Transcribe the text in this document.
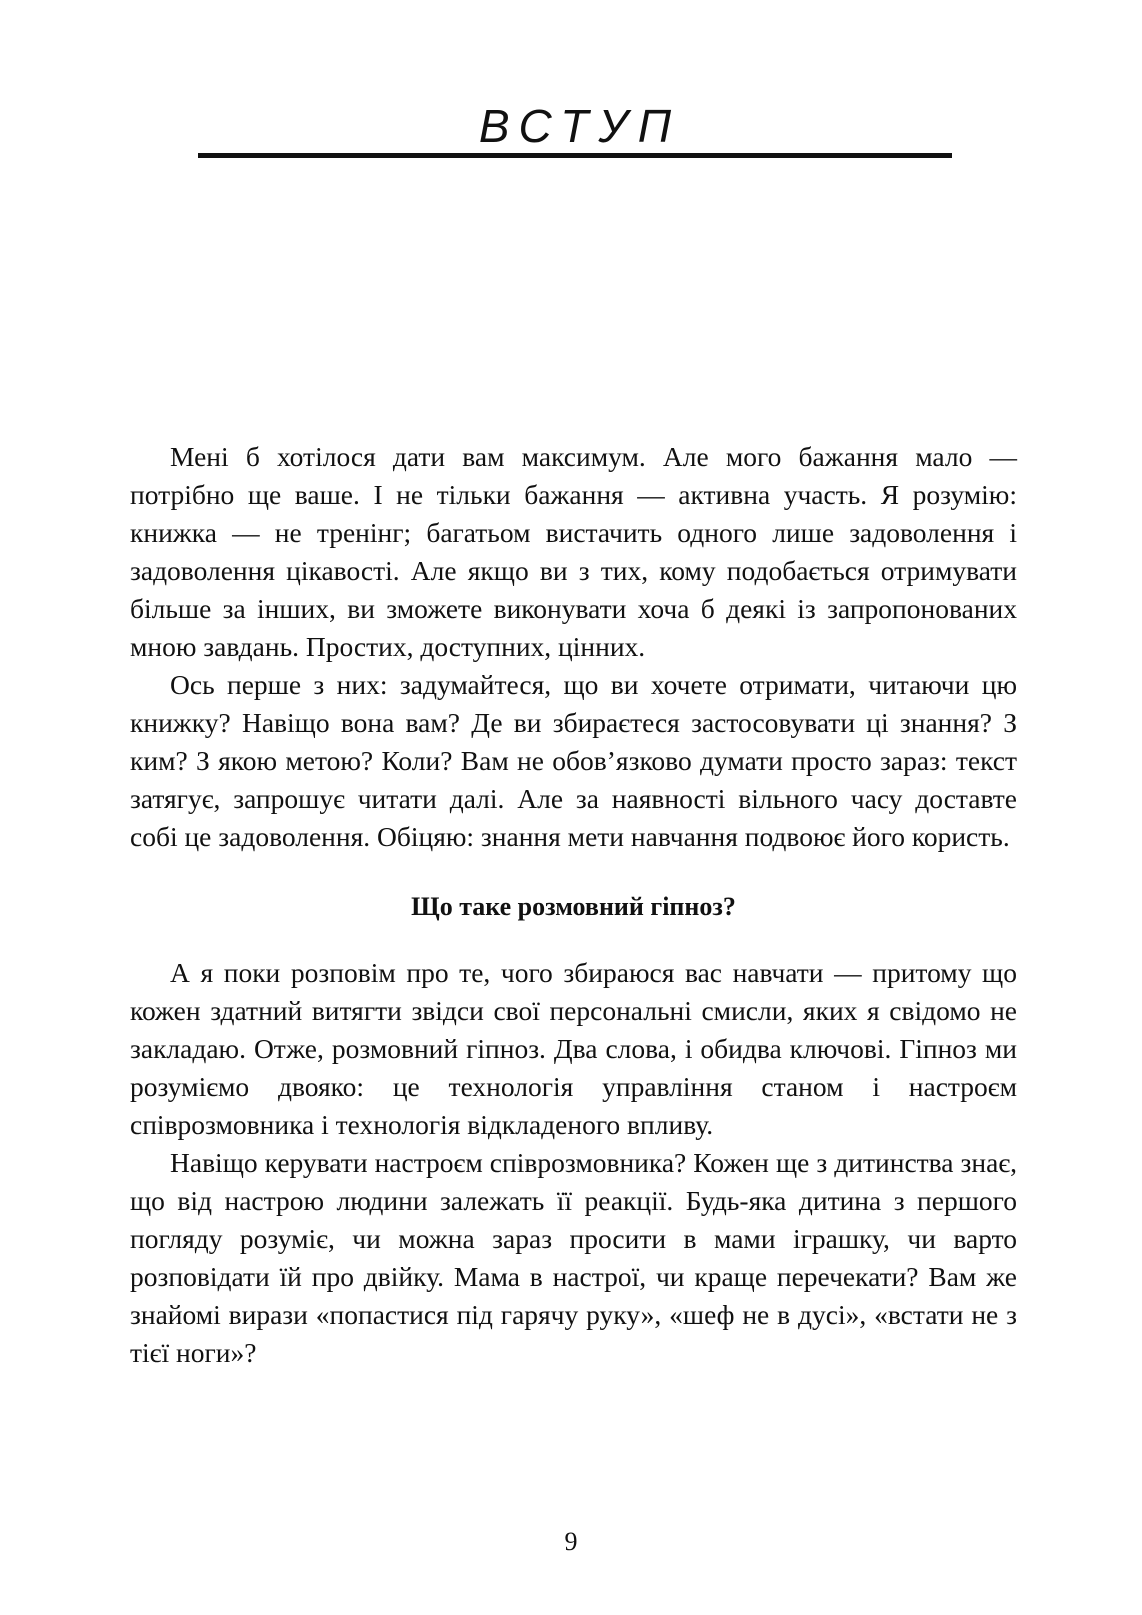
ВСТУП

Мені б хотілося дати вам максимум. Але мого бажання мало — потрібно ще ваше. І не тільки бажання — активна участь. Я розумію: книжка — не тренінг; багатьом вистачить одного лише задоволення і задоволення цікавості. Але якщо ви з тих, кому подобається отримувати більше за інших, ви зможете виконувати хоча б деякі із запропонованих мною завдань. Простих, доступних, цінних.

Ось перше з них: задумайтеся, що ви хочете отримати, читаючи цю книжку? Навіщо вона вам? Де ви збираєтеся застосовувати ці знання? З ким? З якою метою? Коли? Вам не обов’язково думати просто зараз: текст затягує, запрошує читати далі. Але за наявності вільного часу доставте собі це задоволення. Обіцяю: знання мети навчання подвоює його користь.

Що таке розмовний гіпноз?

А я поки розповім про те, чого збираюся вас навчати — притому що кожен здатний витягти звідси свої персональні смисли, яких я свідомо не закладаю. Отже, розмовний гіпноз. Два слова, і обидва ключові. Гіпноз ми розуміємо двояко: це технологія управління станом і настроєм співрозмовника і технологія відкладеного впливу.

Навіщо керувати настроєм співрозмовника? Кожен ще з дитинства знає, що від настрою людини залежать її реакції. Будь-яка дитина з першого погляду розуміє, чи можна зараз просити в мами іграшку, чи варто розповідати їй про двійку. Мама в настрої, чи краще перечекати? Вам же знайомі вирази «попастися під гарячу руку», «шеф не в дусі», «встати не з тієї ноги»?

9
